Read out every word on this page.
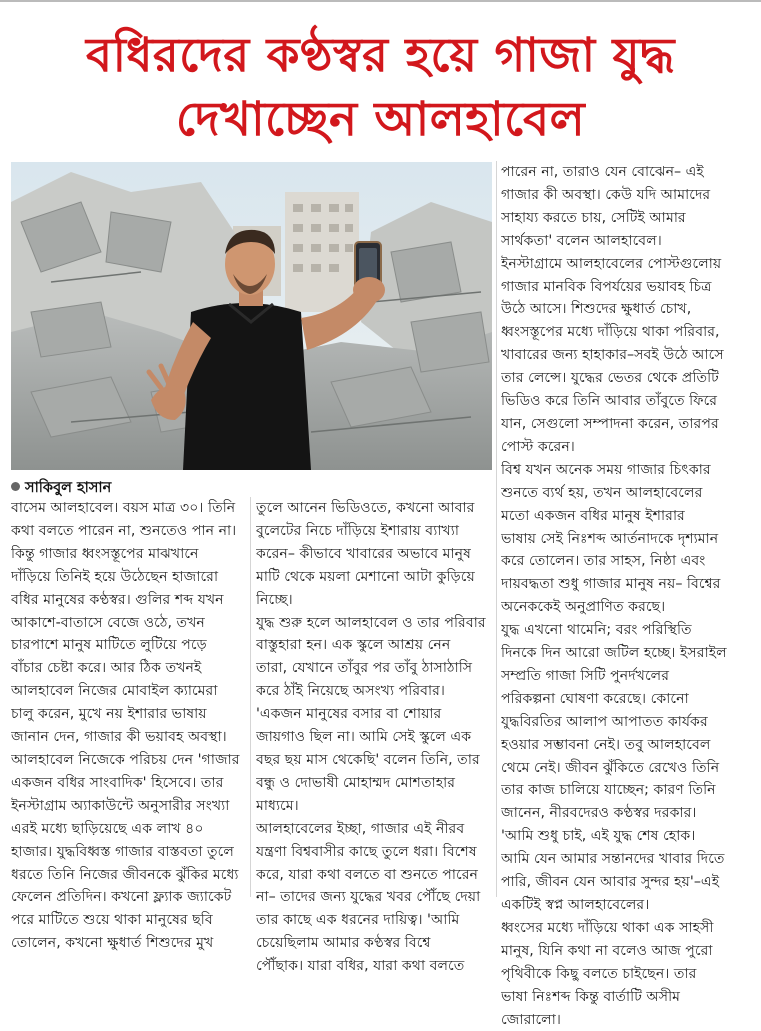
বধিরদের কণ্ঠস্বর হয়ে গাজা যুদ্ধ
দেখাচ্ছেন আলহাবেল
সাকিবুল হাসান
বাসেম আলহাবেল। বয়স মাত্র ৩০। তিনি
কথা বলতে পারেন না, শুনতেও পান না।
কিন্তু গাজার ধ্বংসস্তূপের মাঝখানে
দাঁড়িয়ে তিনিই হয়ে উঠেছেন হাজারো
বধির মানুষের কণ্ঠস্বর। গুলির শব্দ যখন
আকাশে-বাতাসে বেজে ওঠে, তখন
চারপাশে মানুষ মাটিতে লুটিয়ে পড়ে
বাঁচার চেষ্টা করে। আর ঠিক তখনই
আলহাবেল নিজের মোবাইল ক্যামেরা
চালু করেন, মুখে নয় ইশারার ভাষায়
জানান দেন, গাজার কী ভয়াবহ অবস্থা।
আলহাবেল নিজেকে পরিচয় দেন 'গাজার
একজন বধির সাংবাদিক' হিসেবে। তার
ইনস্টাগ্রাম অ্যাকাউন্টে অনুসারীর সংখ্যা
এরই মধ্যে ছাড়িয়েছে এক লাখ ৪০
হাজার। যুদ্ধবিধ্বস্ত গাজার বাস্তবতা তুলে
ধরতে তিনি নিজের জীবনকে ঝুঁকির মধ্যে
ফেলেন প্রতিদিন। কখনো ফ্ল্যাক জ্যাকেট
পরে মাটিতে শুয়ে থাকা মানুষের ছবি
তোলেন, কখনো ক্ষুধার্ত শিশুদের মুখ
তুলে আনেন ভিডিওতে, কখনো আবার
বুলেটের নিচে দাঁড়িয়ে ইশারায় ব্যাখ্যা
করেন– কীভাবে খাবারের অভাবে মানুষ
মাটি থেকে ময়লা মেশানো আটা কুড়িয়ে
নিচ্ছে।
যুদ্ধ শুরু হলে আলহাবেল ও তার পরিবার
বাস্তুহারা হন। এক স্কুলে আশ্রয় নেন
তারা, যেখানে তাঁবুর পর তাঁবু ঠাসাঠাসি
করে ঠাঁই নিয়েছে অসংখ্য পরিবার।
'একজন মানুষের বসার বা শোয়ার
জায়গাও ছিল না। আমি সেই স্কুলে এক
বছর ছয় মাস থেকেছি' বলেন তিনি, তার
বন্ধু ও দোভাষী মোহাম্মদ মোশতাহার
মাধ্যমে।
আলহাবেলের ইচ্ছা, গাজার এই নীরব
যন্ত্রণা বিশ্ববাসীর কাছে তুলে ধরা। বিশেষ
করে, যারা কথা বলতে বা শুনতে পারেন
না– তাদের জন্য যুদ্ধের খবর পৌঁছে দেয়া
তার কাছে এক ধরনের দায়িত্ব। 'আমি
চেয়েছিলাম আমার কণ্ঠস্বর বিশ্বে
পৌঁছাক। যারা বধির, যারা কথা বলতে
পারেন না, তারাও যেন বোঝেন– এই
গাজার কী অবস্থা। কেউ যদি আমাদের
সাহায্য করতে চায়, সেটিই আমার
সার্থকতা' বলেন আলহাবেল।
ইনস্টাগ্রামে আলহাবেলের পোস্টগুলোয়
গাজার মানবিক বিপর্যয়ের ভয়াবহ চিত্র
উঠে আসে। শিশুদের ক্ষুধার্ত চোখ,
ধ্বংসস্তূপের মধ্যে দাঁড়িয়ে থাকা পরিবার,
খাবারের জন্য হাহাকার–সবই উঠে আসে
তার লেন্সে। যুদ্ধের ভেতর থেকে প্রতিটি
ভিডিও করে তিনি আবার তাঁবুতে ফিরে
যান, সেগুলো সম্পাদনা করেন, তারপর
পোস্ট করেন।
বিশ্ব যখন অনেক সময় গাজার চিৎকার
শুনতে ব্যর্থ হয়, তখন আলহাবেলের
মতো একজন বধির মানুষ ইশারার
ভাষায় সেই নিঃশব্দ আর্তনাদকে দৃশ্যমান
করে তোলেন। তার সাহস, নিষ্ঠা এবং
দায়বদ্ধতা শুধু গাজার মানুষ নয়– বিশ্বের
অনেককেই অনুপ্রাণিত করছে।
যুদ্ধ এখনো থামেনি; বরং পরিস্থিতি
দিনকে দিন আরো জটিল হচ্ছে। ইসরাইল
সম্প্রতি গাজা সিটি পুনর্দখলের
পরিকল্পনা ঘোষণা করেছে। কোনো
যুদ্ধবিরতির আলাপ আপাতত কার্যকর
হওয়ার সম্ভাবনা নেই। তবু আলহাবেল
থেমে নেই। জীবন ঝুঁকিতে রেখেও তিনি
তার কাজ চালিয়ে যাচ্ছেন; কারণ তিনি
জানেন, নীরবদেরও কণ্ঠস্বর দরকার।
'আমি শুধু চাই, এই যুদ্ধ শেষ হোক।
আমি যেন আমার সন্তানদের খাবার দিতে
পারি, জীবন যেন আবার সুন্দর হয়'–এই
একটিই স্বপ্ন আলহাবেলের।
ধ্বংসের মধ্যে দাঁড়িয়ে থাকা এক সাহসী
মানুষ, যিনি কথা না বলেও আজ পুরো
পৃথিবীকে কিছু বলতে চাইছেন। তার
ভাষা নিঃশব্দ কিন্তু বার্তাটি অসীম
জোরালো।
